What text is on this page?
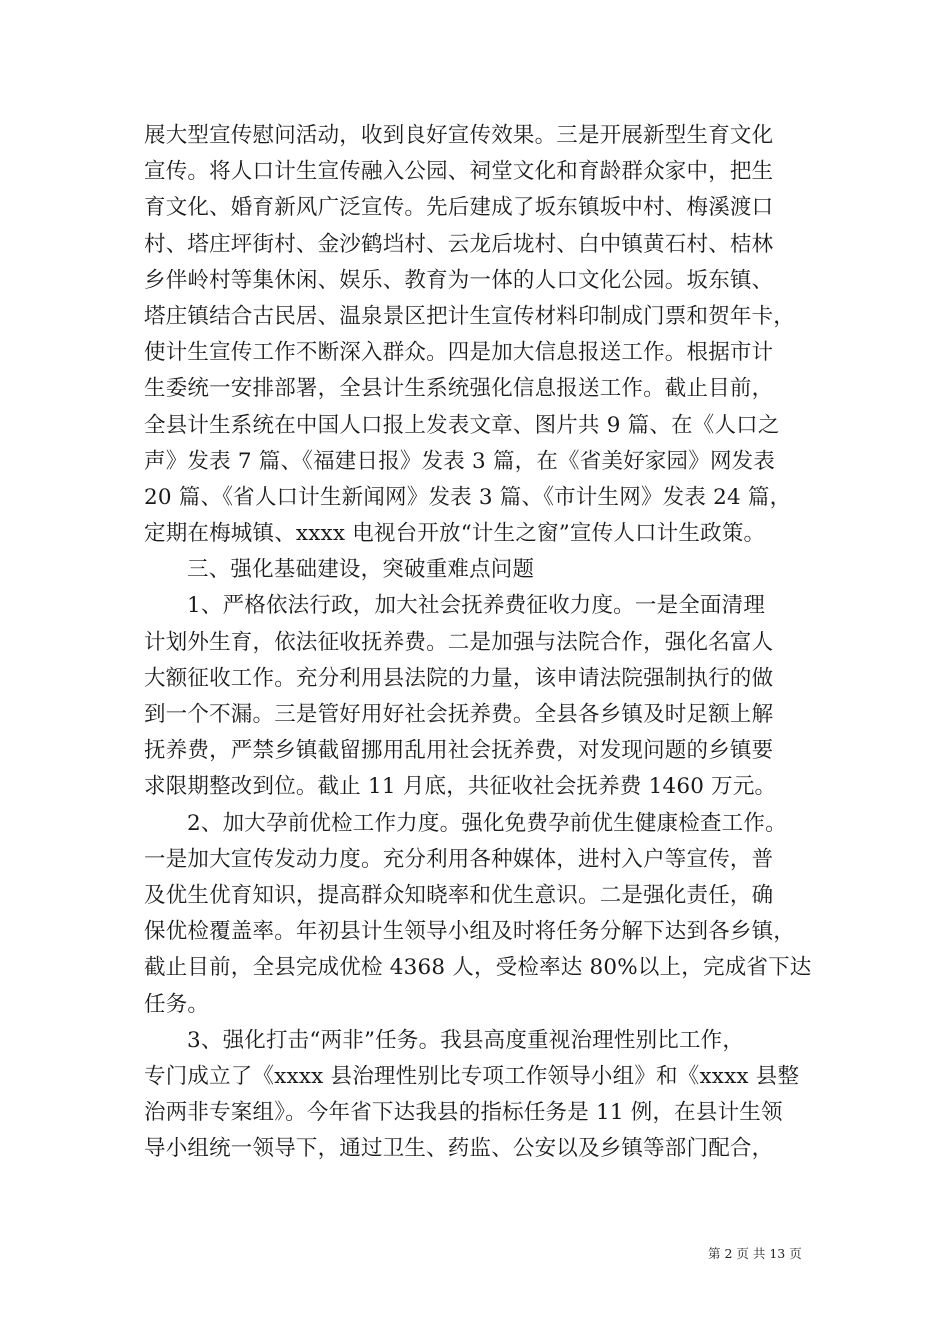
展大型宣传慰问活动，收到良好宣传效果。三是开展新型生育文化
宣传。将人口计生宣传融入公园、祠堂文化和育龄群众家中，把生
育文化、婚育新风广泛宣传。先后建成了坂东镇坂中村、梅溪渡口
村、塔庄坪街村、金沙鹤垱村、云龙后垅村、白中镇黄石村、桔林
乡伴岭村等集休闲、娱乐、教育为一体的人口文化公园。坂东镇、
塔庄镇结合古民居、温泉景区把计生宣传材料印制成门票和贺年卡，
使计生宣传工作不断深入群众。四是加大信息报送工作。根据市计
生委统一安排部署，全县计生系统强化信息报送工作。截止目前，
全县计生系统在中国人口报上发表文章、图片共 9 篇、在《人口之
声》发表 7 篇、《福建日报》发表 3 篇，在《省美好家园》网发表
20 篇、《省人口计生新闻网》发表 3 篇、《市计生网》发表 24 篇，
定期在梅城镇、xxxx 电视台开放“计生之窗”宣传人口计生政策。
三、强化基础建设，突破重难点问题
1、严格依法行政，加大社会抚养费征收力度。一是全面清理
计划外生育，依法征收抚养费。二是加强与法院合作，强化名富人
大额征收工作。充分利用县法院的力量，该申请法院强制执行的做
到一个不漏。三是管好用好社会抚养费。全县各乡镇及时足额上解
抚养费，严禁乡镇截留挪用乱用社会抚养费，对发现问题的乡镇要
求限期整改到位。截止 11 月底，共征收社会抚养费 1460 万元。
2、加大孕前优检工作力度。强化免费孕前优生健康检查工作。
一是加大宣传发动力度。充分利用各种媒体，进村入户等宣传，普
及优生优育知识，提高群众知晓率和优生意识。二是强化责任，确
保优检覆盖率。年初县计生领导小组及时将任务分解下达到各乡镇，
截止目前，全县完成优检 4368 人，受检率达 80%以上，完成省下达
任务。
3、强化打击“两非”任务。我县高度重视治理性别比工作，
专门成立了《xxxx 县治理性别比专项工作领导小组》和《xxxx 县整
治两非专案组》。今年省下达我县的指标任务是 11 例，在县计生领
导小组统一领导下，通过卫生、药监、公安以及乡镇等部门配合，
第 2 页 共 13 页
